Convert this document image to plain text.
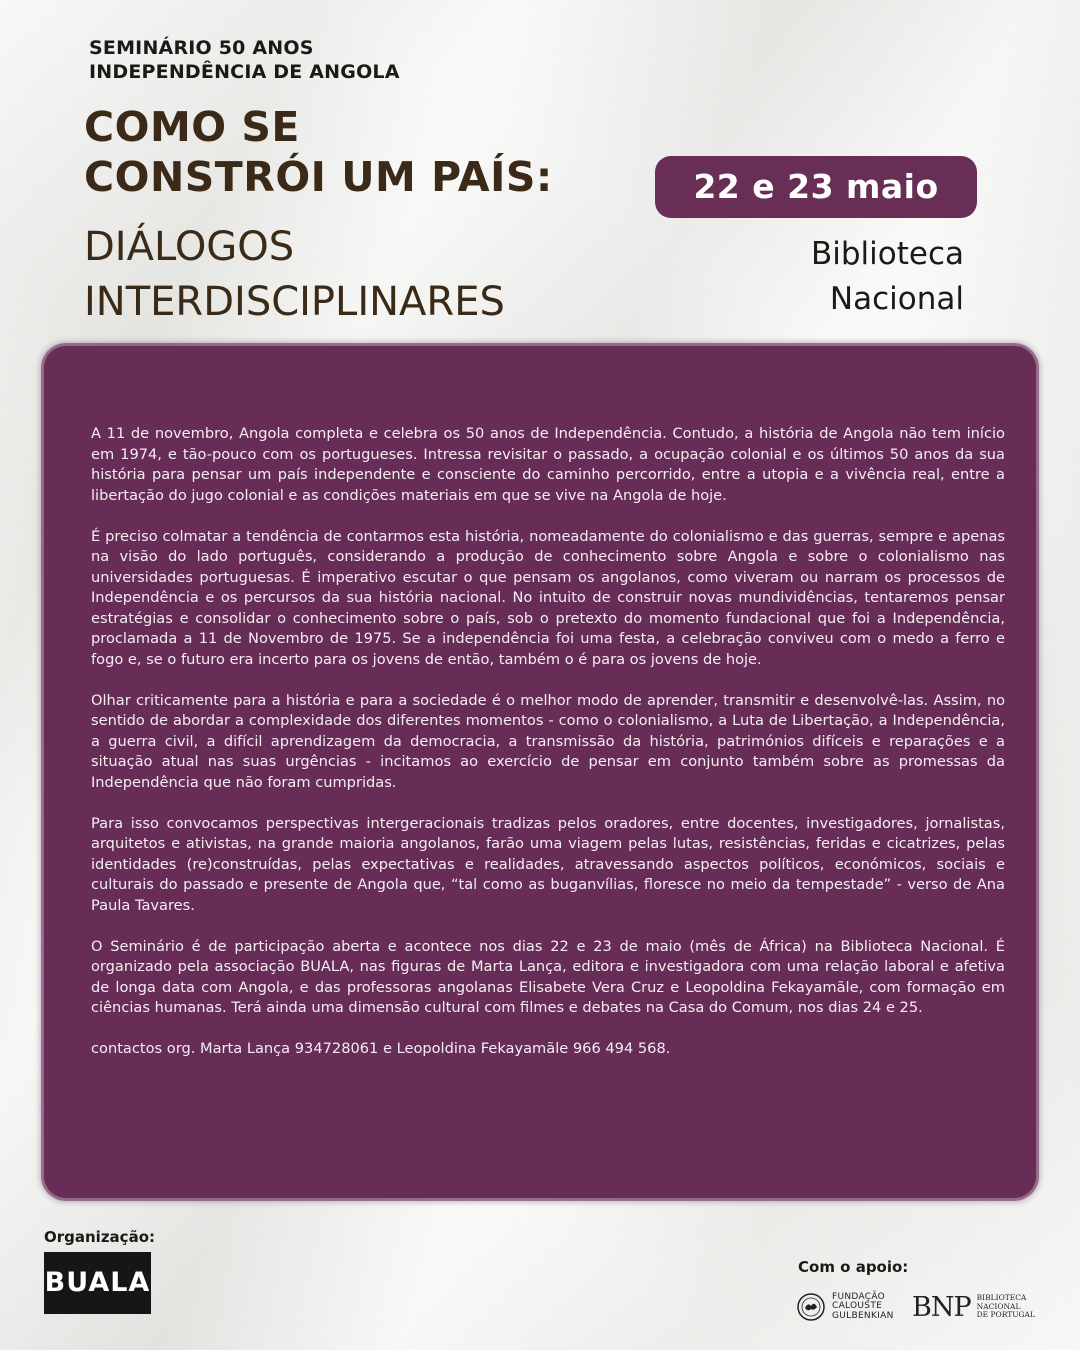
SEMINÁRIO 50 ANOS
INDEPENDÊNCIA DE ANGOLA
COMO SE
CONSTRÓI UM PAÍS:
DIÁLOGOS
INTERDISCIPLINARES
22 e 23 maio
Biblioteca
Nacional

A 11 de novembro, Angola completa e celebra os 50 anos de Independência. Contudo, a história de Angola não tem início em 1974, e tão-pouco com os portugueses. Intressa revisitar o passado, a ocupação colonial e os últimos 50 anos da sua história para pensar um país independente e consciente do caminho percorrido, entre a utopia e a vivência real, entre a libertação do jugo colonial e as condições materiais em que se vive na Angola de hoje.

É preciso colmatar a tendência de contarmos esta história, nomeadamente do colonialismo e das guerras, sempre e apenas na visão do lado português, considerando a produção de conhecimento sobre Angola e sobre o colonialismo nas universidades portuguesas. É imperativo escutar o que pensam os angolanos, como viveram ou narram os processos de Independência e os percursos da sua história nacional. No intuito de construir novas mundividências, tentaremos pensar estratégias e consolidar o conhecimento sobre o país, sob o pretexto do momento fundacional que foi a Independência, proclamada a 11 de Novembro de 1975. Se a independência foi uma festa, a celebração conviveu com o medo a ferro e fogo e, se o futuro era incerto para os jovens de então, também o é para os jovens de hoje.

Olhar criticamente para a história e para a sociedade é o melhor modo de aprender, transmitir e desenvolvê-las. Assim, no sentido de abordar a complexidade dos diferentes momentos - como o colonialismo, a Luta de Libertação, a Independência, a guerra civil, a difícil aprendizagem da democracia, a transmissão da história, patrimónios difíceis e reparações e a situação atual nas suas urgências - incitamos ao exercício de pensar em conjunto também sobre as promessas da Independência que não foram cumpridas.

Para isso convocamos perspectivas intergeracionais tradizas pelos oradores, entre docentes, investigadores, jornalistas, arquitetos e ativistas, na grande maioria angolanos, farão uma viagem pelas lutas, resistências, feridas e cicatrizes, pelas identidades (re)construídas, pelas expectativas e realidades, atravessando aspectos políticos, económicos, sociais e culturais do passado e presente de Angola que, “tal como as buganvílias, floresce no meio da tempestade” - verso de Ana Paula Tavares.

O Seminário é de participação aberta e acontece nos dias 22 e 23 de maio (mês de África) na Biblioteca Nacional. É organizado pela associação BUALA, nas figuras de Marta Lança, editora e investigadora com uma relação laboral e afetiva de longa data com Angola, e das professoras angolanas Elisabete Vera Cruz e Leopoldina Fekayamãle, com formação em ciências humanas. Terá ainda uma dimensão cultural com filmes e debates na Casa do Comum, nos dias 24 e 25.

contactos org. Marta Lança 934728061 e Leopoldina Fekayamãle 966 494 568.

Organização:
BUALA	Com o apoio:
FUNDAÇÃO
CALOUSTE
GULBENKIAN BNP BIBLIOTECA
NACIONAL
DE PORTUGAL
